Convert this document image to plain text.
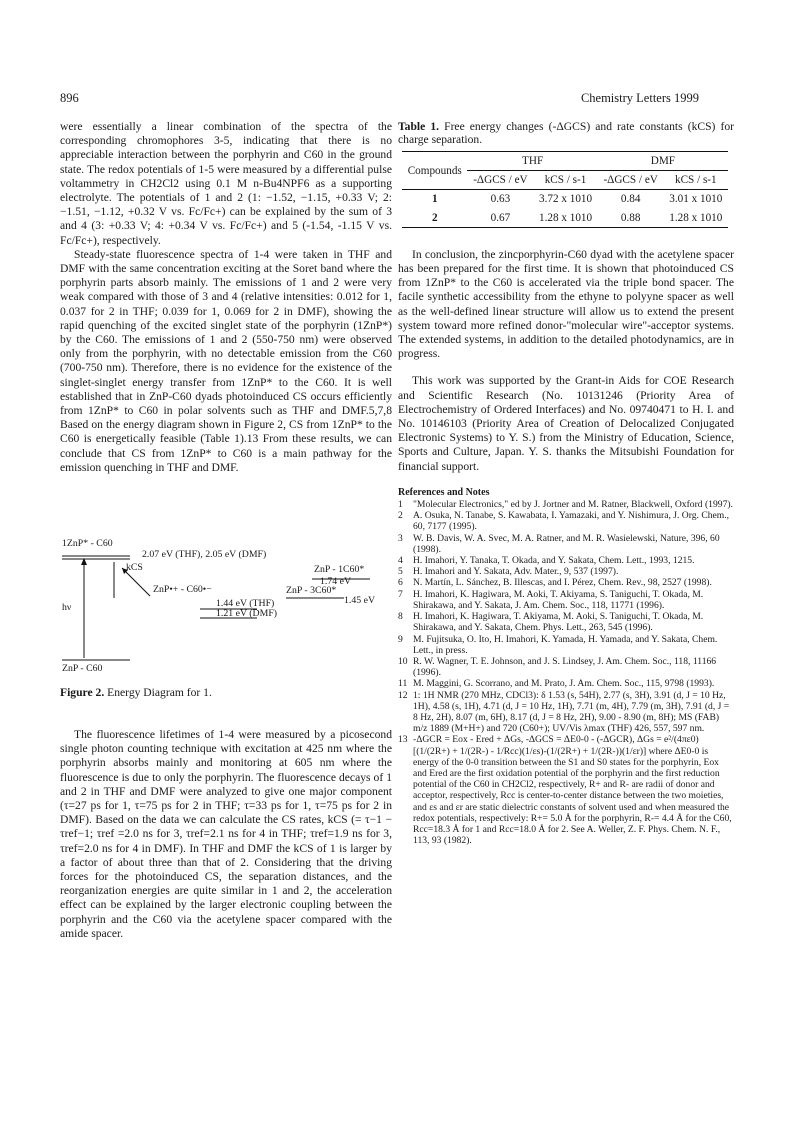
896	Chemistry Letters 1999

were essentially a linear combination of the spectra of the corresponding chromophores 3-5, indicating that there is no appreciable interaction between the porphyrin and C60 in the ground state. The redox potentials of 1-5 were measured by a differential pulse voltammetry in CH2Cl2 using 0.1 M n-Bu4NPF6 as a supporting electrolyte. The potentials of 1 and 2 (1: −1.52, −1.15, +0.33 V; 2: −1.51, −1.12, +0.32 V vs. Fc/Fc+) can be explained by the sum of 3 and 4 (3: +0.33 V; 4: +0.34 V vs. Fc/Fc+) and 5 (-1.54, -1.15 V vs. Fc/Fc+), respectively.

Steady-state fluorescence spectra of 1-4 were taken in THF and DMF with the same concentration exciting at the Soret band where the porphyrin parts absorb mainly. The emissions of 1 and 2 were very weak compared with those of 3 and 4 (relative intensities: 0.012 for 1, 0.037 for 2 in THF; 0.039 for 1, 0.069 for 2 in DMF), showing the rapid quenching of the excited singlet state of the porphyrin (1ZnP*) by the C60. The emissions of 1 and 2 (550-750 nm) were observed only from the porphyrin, with no detectable emission from the C60 (700-750 nm). Therefore, there is no evidence for the existence of the singlet-singlet energy transfer from 1ZnP* to the C60. It is well established that in ZnP-C60 dyads photoinduced CS occurs efficiently from 1ZnP* to C60 in polar solvents such as THF and DMF.5,7,8 Based on the energy diagram shown in Figure 2, CS from 1ZnP* to the C60 is energetically feasible (Table 1).13 From these results, we can conclude that CS from 1ZnP* to C60 is a main pathway for the emission quenching in THF and DMF.

1ZnP* - C60
2.07 eV (THF), 2.05 eV (DMF)
kCS
ZnP•+ - C60•−
1.44 eV (THF)
1.21 eV (DMF)
ZnP - 1C60*
1.74 eV
ZnP - 3C60*
1.45 eV
hν
ZnP - C60
Figure 2. Energy Diagram for 1.

The fluorescence lifetimes of 1-4 were measured by a picosecond single photon counting technique with excitation at 425 nm where the porphyrin absorbs mainly and monitoring at 605 nm where the fluorescence is due to only the porphyrin. The fluorescence decays of 1 and 2 in THF and DMF were analyzed to give one major component (τ=27 ps for 1, τ=75 ps for 2 in THF; τ=33 ps for 1, τ=75 ps for 2 in DMF). Based on the data we can calculate the CS rates, kCS (= τ−1 − τref−1; τref =2.0 ns for 3, τref=2.1 ns for 4 in THF; τref=1.9 ns for 3, τref=2.0 ns for 4 in DMF). In THF and DMF the kCS of 1 is larger by a factor of about three than that of 2. Considering that the driving forces for the photoinduced CS, the separation distances, and the reorganization energies are quite similar in 1 and 2, the acceleration effect can be explained by the larger electronic coupling between the porphyrin and the C60 via the acetylene spacer compared with the amide spacer.

Table 1. Free energy changes (-ΔGCS) and rate constants (kCS) for charge separation.
Compounds	THF		DMF	
	-ΔGCS / eV	kCS / s-1	-ΔGCS / eV	kCS / s-1
1	0.63	3.72 x 1010	0.84	3.01 x 1010
2	0.67	1.28 x 1010	0.88	1.28 x 1010

In conclusion, the zincporphyrin-C60 dyad with the acetylene spacer has been prepared for the first time. It is shown that photoinduced CS from 1ZnP* to the C60 is accelerated via the triple bond spacer. The facile synthetic accessibility from the ethyne to polyyne spacer as well as the well-defined linear structure will allow us to extend the present system toward more refined donor-"molecular wire"-acceptor systems. The extended systems, in addition to the detailed photodynamics, are in progress.

This work was supported by the Grant-in Aids for COE Research and Scientific Research (No. 10131246 (Priority Area of Electrochemistry of Ordered Interfaces) and No. 09740471 to H. I. and No. 10146103 (Priority Area of Creation of Delocalized Conjugated Electronic Systems) to Y. S.) from the Ministry of Education, Science, Sports and Culture, Japan. Y. S. thanks the Mitsubishi Foundation for financial support.

References and Notes
1	"Molecular Electronics," ed by J. Jortner and M. Ratner, Blackwell, Oxford (1997).
2	A. Osuka, N. Tanabe, S. Kawabata, I. Yamazaki, and Y. Nishimura, J. Org. Chem., 60, 7177 (1995).
3	W. B. Davis, W. A. Svec, M. A. Ratner, and M. R. Wasielewski, Nature, 396, 60 (1998).
4	H. Imahori, Y. Tanaka, T. Okada, and Y. Sakata, Chem. Lett., 1993, 1215.
5	H. Imahori and Y. Sakata, Adv. Mater., 9, 537 (1997).
6	N. Martín, L. Sánchez, B. Illescas, and I. Pérez, Chem. Rev., 98, 2527 (1998).
7	H. Imahori, K. Hagiwara, M. Aoki, T. Akiyama, S. Taniguchi, T. Okada, M. Shirakawa, and Y. Sakata, J. Am. Chem. Soc., 118, 11771 (1996).
8	H. Imahori, K. Hagiwara, T. Akiyama, M. Aoki, S. Taniguchi, T. Okada, M. Shirakawa, and Y. Sakata, Chem. Phys. Lett., 263, 545 (1996).
9	M. Fujitsuka, O. Ito, H. Imahori, K. Yamada, H. Yamada, and Y. Sakata, Chem. Lett., in press.
10 R. W. Wagner, T. E. Johnson, and J. S. Lindsey, J. Am. Chem. Soc., 118, 11166 (1996).
11 M. Maggini, G. Scorrano, and M. Prato, J. Am. Chem. Soc., 115, 9798 (1993).
12 1: 1H NMR (270 MHz, CDCl3): δ 1.53 (s, 54H), 2.77 (s, 3H), 3.91 (d, J = 10 Hz, 1H), 4.58 (s, 1H), 4.71 (d, J = 10 Hz, 1H), 7.71 (m, 4H), 7.79 (m, 3H), 7.91 (d, J = 8 Hz, 2H), 8.07 (m, 6H), 8.17 (d, J = 8 Hz, 2H), 9.00 - 8.90 (m, 8H); MS (FAB) m/z 1889 (M+H+) and 720 (C60+); UV/Vis λmax (THF) 426, 557, 597 nm.
13 -ΔGCR = Eox - Ered + ΔGs, -ΔGCS = ΔE0-0 - (-ΔGCR), ΔGs = e²/(4πε0)[(1/(2R+) + 1/(2R-) - 1/Rcc)(1/εs)-(1/(2R+) + 1/(2R-))(1/εr)] where ΔE0-0 is energy of the 0-0 transition between the S1 and S0 states for the porphyrin, Eox and Ered are the first oxidation potential of the porphyrin and the first reduction potential of the C60 in CH2Cl2, respectively, R+ and R- are radii of donor and acceptor, respectively, Rcc is center-to-center distance between the two moieties, and εs and εr are static dielectric constants of solvent used and when measured the redox potentials, respectively: R+= 5.0 Å for the porphyrin, R-= 4.4 Å for the C60, Rcc=18.3 Å for 1 and Rcc=18.0 Å for 2. See A. Weller, Z. F. Phys. Chem. N. F., 113, 93 (1982).
